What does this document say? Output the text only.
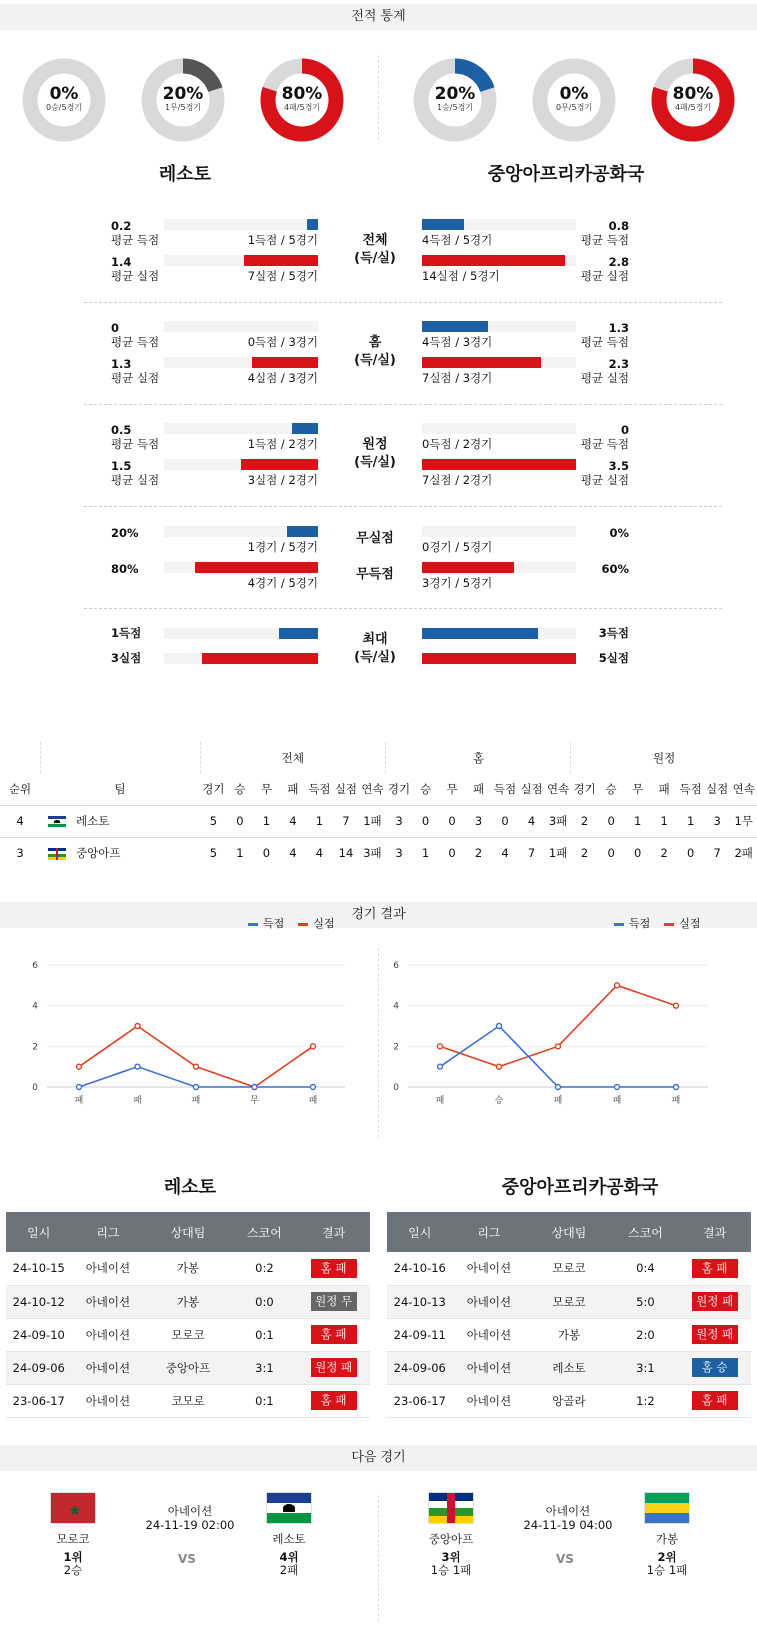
전적 통계
0%
0승/5경기
20%
1무/5경기
80%
4패/5경기
20%
1승/5경기
0%
0무/5경기
80%
4패/5경기
레소토	중앙아프리카공화국
전체
(득/실)
0.2
평균 득점	1득점 / 5경기
0.8
평균 득점
4득점 / 5경기
1.4
평균 실점	7실점 / 5경기
2.8
평균 실점
14실점 / 5경기
홈
(득/실)
0
평균 득점	0득점 / 3경기
1.3
평균 득점
4득점 / 3경기
1.3
평균 실점	4실점 / 3경기
2.3
평균 실점
7실점 / 3경기
원정
(득/실)
0.5
평균 득점	1득점 / 2경기
0
평균 득점
0득점 / 2경기
1.5
평균 실점	3실점 / 2경기
3.5
평균 실점
7실점 / 2경기
무실점
20%
1경기 / 5경기
0%
0경기 / 5경기
무득점
80%
4경기 / 5경기
60%
3경기 / 5경기
최대
(득/실)
1득점	3득점
3실점	5실점
		전체							홈							원정						
순위	팀	경기	승	무	패	득점	실점	연속	경기	승	무	패	득점	실점	연속	경기	승	무	패	득점	실점	연속
4	레소토	5	0	1	4	1	7	1패	3	0	0	3	0	4	3패	2	0	1	1	1	3	1무
3	중앙아프	5	1	0	4	4	14	3패	3	1	0	2	4	7	1패	2	0	0	2	0	7	2패
경기 결과
0
2
4
6
패	패	패	무	패
0
2
4
6
패	승	패	패	패
레소토	중앙아프리카공화국
일시	리그	상대팀	스코어	결과
24-10-15	아네이션	가봉	0:2	홈 패
24-10-12	아네이션	가봉	0:0	원정 무
24-09-10	아네이션	모로코	0:1	홈 패
24-09-06	아네이션	중앙아프	3:1	원정 패
23-06-17	아네이션	코모로	0:1	홈 패
일시	리그	상대팀	스코어	결과
24-10-16	아네이션	모로코	0:4	홈 패
24-10-13	아네이션	모로코	5:0	원정 패
24-09-11	아네이션	가봉	2:0	원정 패
24-09-06	아네이션	레소토	3:1	홈 승
23-06-17	아네이션	앙골라	1:2	홈 패
다음 경기
★
모로코
1위
2승
레소토
4위
2패
아네이션
24-11-19 02:00
VS
중앙아프
3위
1승 1패
가봉
2위
1승 1패
아네이션
24-11-19 04:00
VS
득점	실점	득점	실점
